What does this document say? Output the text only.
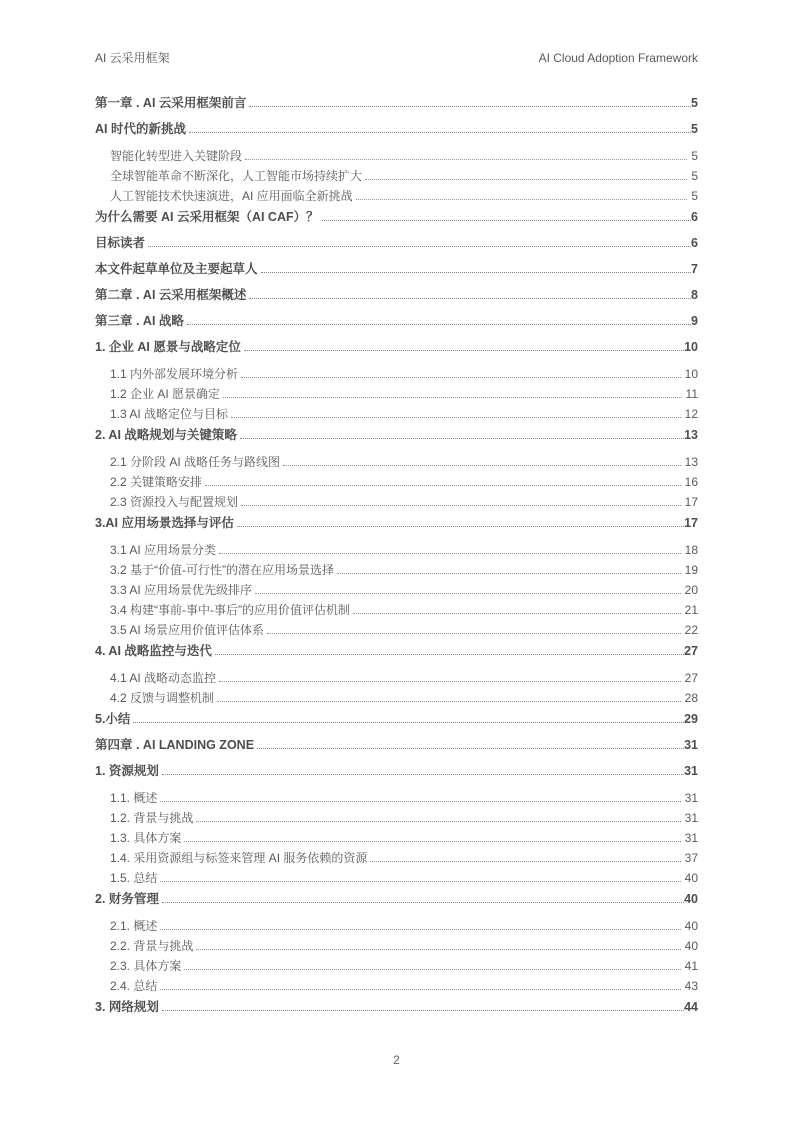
AI 云采用框架	AI Cloud Adoption Framework
第一章 . AI 云采用框架前言	5
AI 时代的新挑战	5
智能化转型进入关键阶段	5
全球智能革命不断深化，人工智能市场持续扩大	5
人工智能技术快速演进，AI 应用面临全新挑战	5
为什么需要 AI 云采用框架（AI CAF）？	6
目标读者	6
本文件起草单位及主要起草人	7
第二章 . AI 云采用框架概述	8
第三章 . AI 战略	9
1. 企业 AI 愿景与战略定位	10
1.1 内外部发展环境分析	10
1.2 企业 AI 愿景确定	11
1.3 AI 战略定位与目标	12
2. AI 战略规划与关键策略	13
2.1 分阶段 AI 战略任务与路线图	13
2.2 关键策略安排	16
2.3 资源投入与配置规划	17
3.AI 应用场景选择与评估	17
3.1 AI 应用场景分类	18
3.2 基于“价值-可行性”的潜在应用场景选择	19
3.3 AI 应用场景优先级排序	20
3.4 构建“事前-事中-事后”的应用价值评估机制	21
3.5 AI 场景应用价值评估体系	22
4. AI 战略监控与迭代	27
4.1 AI 战略动态监控	27
4.2 反馈与调整机制	28
5.小结	29
第四章 . AI LANDING ZONE	31
1. 资源规划	31
1.1. 概述	31
1.2. 背景与挑战	31
1.3. 具体方案	31
1.4. 采用资源组与标签来管理 AI 服务依赖的资源	37
1.5. 总结	40
2. 财务管理	40
2.1. 概述	40
2.2. 背景与挑战	40
2.3. 具体方案	41
2.4. 总结	43
3. 网络规划	44
2
